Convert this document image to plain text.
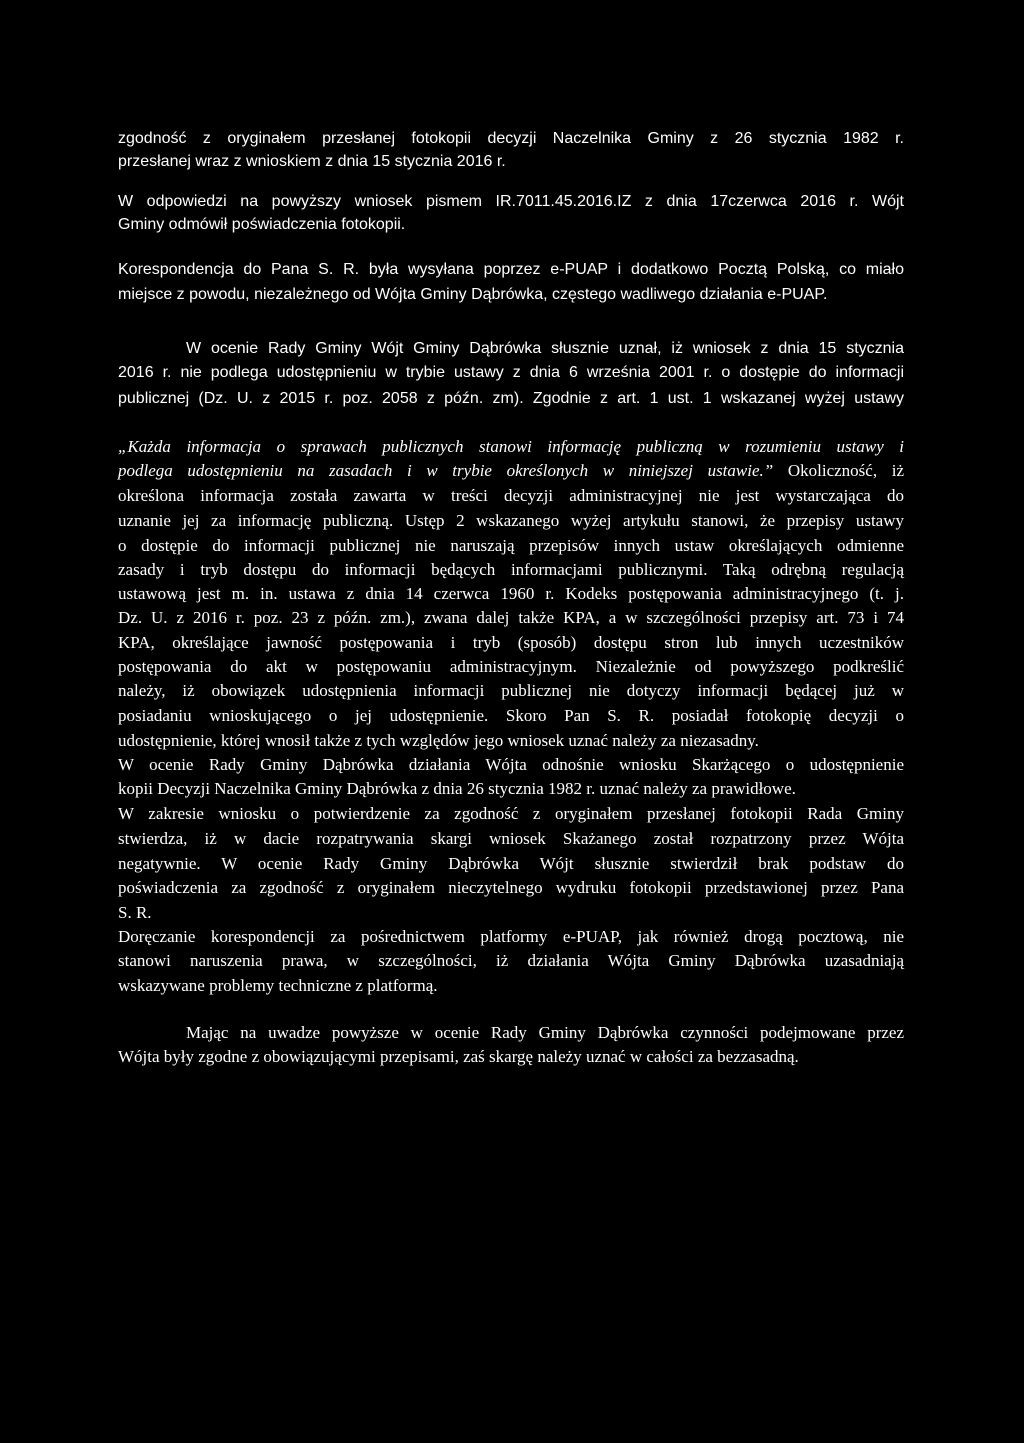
zgodność z oryginałem przesłanej fotokopii decyzji Naczelnika Gminy z 26 stycznia 1982 r.
przesłanej wraz z wnioskiem z dnia 15 stycznia 2016 r.
W odpowiedzi na powyższy wniosek pismem IR.7011.45.2016.IZ z dnia 17czerwca 2016 r. Wójt
Gminy odmówił poświadczenia fotokopii.
Korespondencja do Pana S. R. była wysyłana poprzez e-PUAP i dodatkowo Pocztą Polską, co miało
miejsce z powodu, niezależnego od Wójta Gminy Dąbrówka, częstego wadliwego działania e-PUAP.
W ocenie Rady Gminy Wójt Gminy Dąbrówka słusznie uznał, iż wniosek z dnia 15 stycznia
2016 r. nie podlega udostępnieniu w trybie ustawy z dnia 6 września 2001 r. o dostępie do informacji
publicznej (Dz. U. z 2015 r. poz. 2058 z późn. zm). Zgodnie z art. 1 ust. 1 wskazanej wyżej ustawy
„Każda informacja o sprawach publicznych stanowi informację publiczną w rozumieniu ustawy i
podlega udostępnieniu na zasadach i w trybie określonych w niniejszej ustawie.” Okoliczność, iż
określona informacja została zawarta w treści decyzji administracyjnej nie jest wystarczająca do
uznanie jej za informację publiczną. Ustęp 2 wskazanego wyżej artykułu stanowi, że przepisy ustawy
o dostępie do informacji publicznej nie naruszają przepisów innych ustaw określających odmienne
zasady i tryb dostępu do informacji będących informacjami publicznymi. Taką odrębną regulacją
ustawową jest m. in. ustawa z dnia 14 czerwca 1960 r. Kodeks postępowania administracyjnego (t. j.
Dz. U. z 2016 r. poz. 23 z późn. zm.), zwana dalej także KPA, a w szczególności przepisy art. 73 i 74
KPA, określające jawność postępowania i tryb (sposób) dostępu stron lub innych uczestników
postępowania do akt w postępowaniu administracyjnym. Niezależnie od powyższego podkreślić
należy, iż obowiązek udostępnienia informacji publicznej nie dotyczy informacji będącej już w
posiadaniu wnioskującego o jej udostępnienie. Skoro Pan S. R. posiadał fotokopię decyzji o
udostępnienie, której wnosił także z tych względów jego wniosek uznać należy za niezasadny.
W ocenie Rady Gminy Dąbrówka działania Wójta odnośnie wniosku Skarżącego o udostępnienie
kopii Decyzji Naczelnika Gminy Dąbrówka z dnia 26 stycznia 1982 r. uznać należy za prawidłowe.
W zakresie wniosku o potwierdzenie za zgodność z oryginałem przesłanej fotokopii Rada Gminy
stwierdza, iż w dacie rozpatrywania skargi wniosek Skażanego został rozpatrzony przez Wójta
negatywnie. W ocenie Rady Gminy Dąbrówka Wójt słusznie stwierdził brak podstaw do
poświadczenia za zgodność z oryginałem nieczytelnego wydruku fotokopii przedstawionej przez Pana
S. R.
Doręczanie korespondencji za pośrednictwem platformy e-PUAP, jak również drogą pocztową, nie
stanowi naruszenia prawa, w szczególności, iż działania Wójta Gminy Dąbrówka uzasadniają
wskazywane problemy techniczne z platformą.
Mając na uwadze powyższe w ocenie Rady Gminy Dąbrówka czynności podejmowane przez
Wójta były zgodne z obowiązującymi przepisami, zaś skargę należy uznać w całości za bezzasadną.
